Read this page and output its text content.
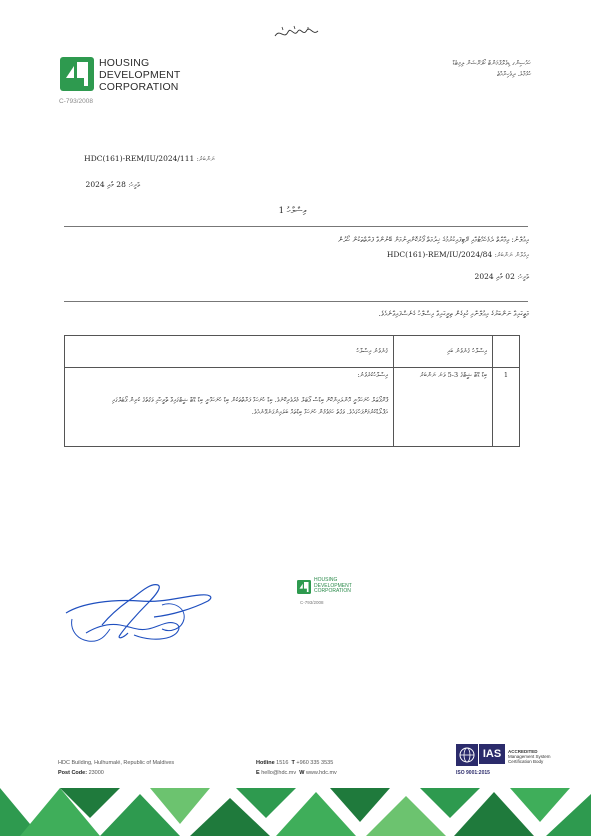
HOUSING
DEVELOPMENT
CORPORATION
C-793/2008
ހައުސިންގ ޑިވެލޮޕްމަންޓް ކޯޕަރޭޝަން ލިމިޓެޑް
ހުޅުމާލެ، ދިވެހިރާއްޖެ
ނަންބަރު: HDC(161)-REM/IU/2024/111
ތާރީޚު: 28 މެއި 2024
އިސްލާހު 1
އިޢުލާނު: ޢިމާރާތް ދެމެހެއްޓުމާއި ރޭޓިފައިކުރުމުގެ ޚިދުމަތް ފޯރުކޮށްދިނުމަށް ބޭނުންވާ ފަރާތްތަކުން ހޯދުން
އިޢުލާން ނަންބަރު: HDC(161)-REM/IU/2024/84
ތާރީޚު: 02 މެއި 2024
މަތީގައިވާ ނަންބަރުގެ އިޢުލާނާއި ގުޅިގެން ތިރީގައިވާ އިސްލާހު ގެނެސްފައިވާނެއެވެ.
ގެނެވުނު އިސްލާހު	އިސްލާހު ގެނެވުނު ބައި	

އިސްލާހުކުރެވުނު:
ޕްރޮޕޯޒަލް ހުށަހަޅާނީ އޮންލައިންކޮށް ބިޑްސް ޕޯޓަލް މެދުވެރިކޮށެވެ. ބިޑް ހުށަހަޅާ ފަރާތްތަކުން ބިޑް ހުށަހަޅާނީ ބިޑް ޑޭޓާ ޝީޓްގައިވާ ތާރީޚާއި ވަގުތުގެ ކުރިން ޕޯޓަލްގައި އަޕްލޯޑްކުރުމަށްފަހުގައެވެ. ވަގުތު ހަމަވުމުން ހުށަހަޅާ ބިޑްތައް ބަލައިނުގަނެވޭނެއެވެ.	ބިޑް ޑޭޓާ ޝީޓްގެ 3-5 ވަނަ ނަންބަރު	1
HOUSING
DEVELOPMENT
CORPORATION
C-793/2008
HDC Building, Hulhumalé, Republic of Maldives
Post Code: 23000
Hotline 1516 T +960 335 3535
E hello@hdc.mv W www.hdc.mv
IAS	ACCREDITED
Management System
Certification Body
ISO 9001:2015
